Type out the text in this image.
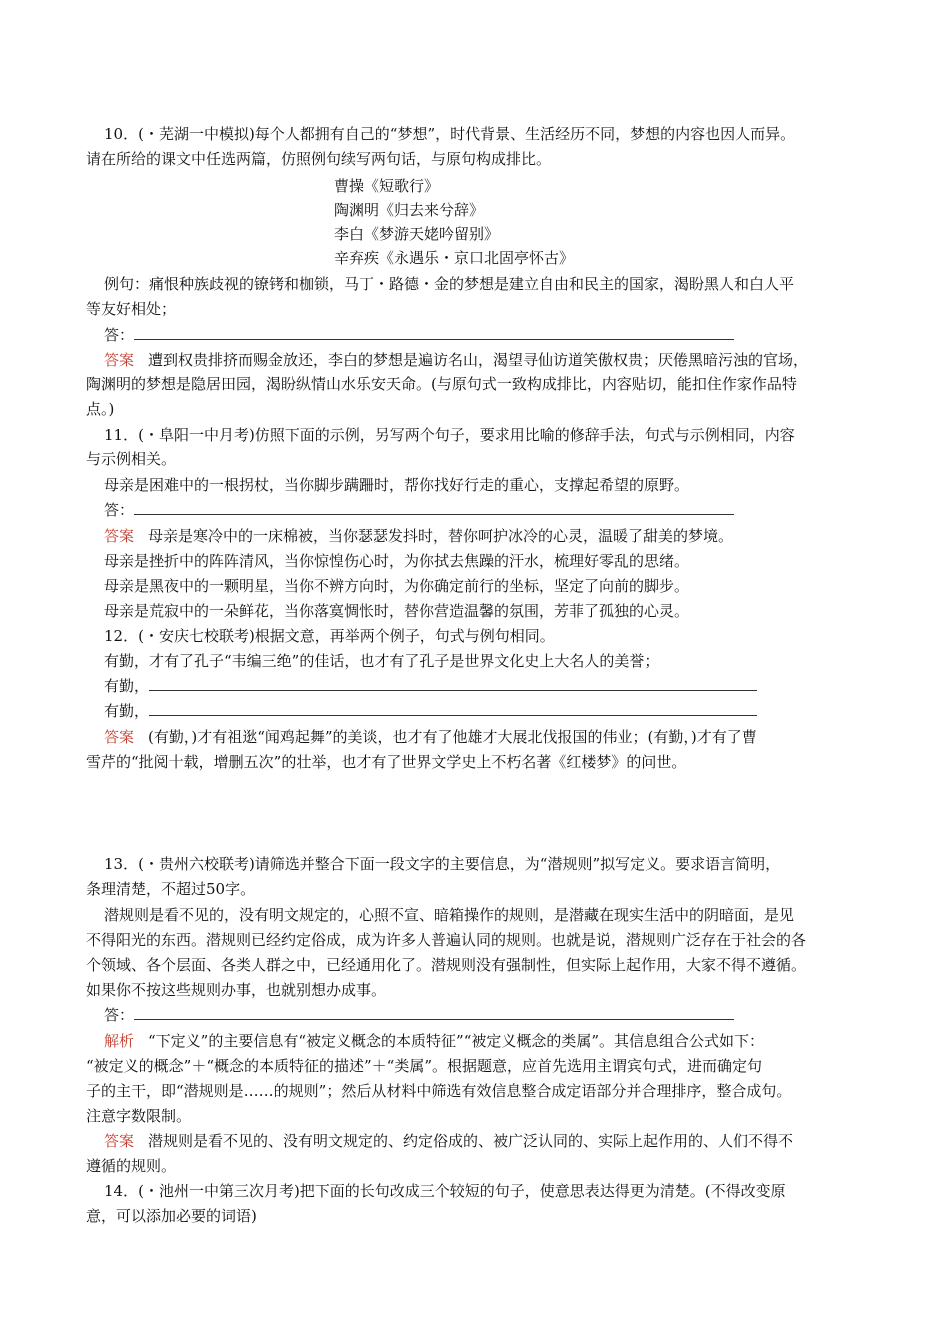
10．(・芜湖一中模拟)每个人都拥有自己的“梦想”，时代背景、生活经历不同，梦想的内容也因人而异。
请在所给的课文中任选两篇，仿照例句续写两句话，与原句构成排比。
曹操《短歌行》
陶渊明《归去来兮辞》
李白《梦游天姥吟留别》
辛弃疾《永遇乐・京口北固亭怀古》
例句：痛恨种族歧视的镣铐和枷锁，马丁・路德・金的梦想是建立自由和民主的国家，渴盼黑人和白人平
等友好相处；
答：
答案 遭到权贵排挤而赐金放还，李白的梦想是遍访名山，渴望寻仙访道笑傲权贵；厌倦黑暗污浊的官场，
陶渊明的梦想是隐居田园，渴盼纵情山水乐安天命。(与原句式一致构成排比，内容贴切，能扣住作家作品特
点。)
11．(・阜阳一中月考)仿照下面的示例，另写两个句子，要求用比喻的修辞手法，句式与示例相同，内容
与示例相关。
母亲是困难中的一根拐杖，当你脚步蹒跚时，帮你找好行走的重心，支撑起希望的原野。
答：
答案 母亲是寒冷中的一床棉被，当你瑟瑟发抖时，替你呵护冰冷的心灵，温暖了甜美的梦境。
母亲是挫折中的阵阵清风，当你惊惶伤心时，为你拭去焦躁的汗水，梳理好零乱的思绪。
母亲是黑夜中的一颗明星，当你不辨方向时，为你确定前行的坐标，坚定了向前的脚步。
母亲是荒寂中的一朵鲜花，当你落寞惆怅时，替你营造温馨的氛围，芳菲了孤独的心灵。
12．(・安庆七校联考)根据文意，再举两个例子，句式与例句相同。
有勤，才有了孔子“韦编三绝”的佳话，也才有了孔子是世界文化史上大名人的美誉；
有勤，
有勤，
答案 (有勤，)才有祖逖“闻鸡起舞”的美谈，也才有了他雄才大展北伐报国的伟业；(有勤，)才有了曹
雪芹的“批阅十载，增删五次”的壮举，也才有了世界文学史上不朽名著《红楼梦》的问世。
13．(・贵州六校联考)请筛选并整合下面一段文字的主要信息，为“潜规则”拟写定义。要求语言简明，
条理清楚，不超过50字。
潜规则是看不见的，没有明文规定的，心照不宣、暗箱操作的规则，是潜藏在现实生活中的阴暗面，是见
不得阳光的东西。潜规则已经约定俗成，成为许多人普遍认同的规则。也就是说，潜规则广泛存在于社会的各
个领域、各个层面、各类人群之中，已经通用化了。潜规则没有强制性，但实际上起作用，大家不得不遵循。
如果你不按这些规则办事，也就别想办成事。
答：
解析 “下定义”的主要信息有“被定义概念的本质特征”“被定义概念的类属”。其信息组合公式如下：
“被定义的概念”＋“概念的本质特征的描述”＋“类属”。根据题意，应首先选用主谓宾句式，进而确定句
子的主干，即“潜规则是……的规则”；然后从材料中筛选有效信息整合成定语部分并合理排序，整合成句。
注意字数限制。
答案 潜规则是看不见的、没有明文规定的、约定俗成的、被广泛认同的、实际上起作用的、人们不得不
遵循的规则。
14．(・池州一中第三次月考)把下面的长句改成三个较短的句子，使意思表达得更为清楚。(不得改变原
意，可以添加必要的词语)
